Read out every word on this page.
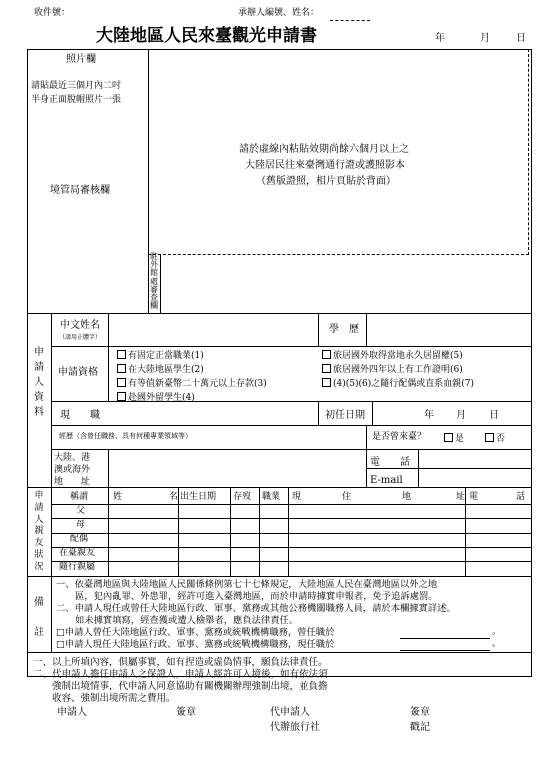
收件號：	承辦人編號、姓名：
大陸地區人民來臺觀光申請書	年	月	日
照片欄
請貼最近三個月內二吋
半身正面脫帽照片一張
境管局審核欄
請於虛線內粘貼效期尚餘六個月以上之
大陸居民往來臺灣通行證或護照影本
（舊版證照，相片頁貼於背面）
駐
外
館
處
審
查
欄
申
請
人
資
料
中文姓名
（請用正體字）
學　歷
申請資格
有固定正當職業(1)
在大陸地區學生(2)
有等值新臺幣二十萬元以上存款(3)
赴國外留學生(4)
旅居國外取得當地永久居留權(5)
旅居國外四年以上有工作證明(6)
(4)(5)(6)之隨行配偶或直系血親(7)
現　　職	初任日期	年 月 日
經歷（含曾任職務、具有何種專業領域等）	是否曾來臺？	是	否
大陸、港
澳或海外
地　　址
電　　話
E-mail
申
請
人
親
友
狀
況
稱謂	姓	名 出生日期 存歿 職業 現	住	地	址 電	話
父
母
配偶
在臺親友
隨行親屬
備
註
一、依臺灣地區與大陸地區人民關係條例第七十七條規定，大陸地區人民在臺灣地區以外之地
區，犯內亂罪、外患罪，經許可進入臺灣地區，而於申請時據實申報者，免予追訴處罰。
二、申請人現任或曾任大陸地區行政、軍事、黨務或其他公務機關職務人員，請於本欄據實詳述。
如未據實填寫，經查獲或遭人檢舉者，應負法律責任。
□申請人曾任大陸地區行政、軍事、黨務或統戰機構職務，曾任職於	。
□申請人現任大陸地區行政、軍事、黨務或統戰機構職務，現任職於	。
一、以上所填內容，俱屬事實，如有捏造或虛偽情事，願負法律責任。
二、代申請人擔任申請人之保證人，申請人經許可入境後，如有依法須
強制出境情事，代申請人同意協助有關機關辦理強制出境，並負擔
收容、強制出境所需之費用。
申請人	簽章	代申請人	簽章
代辦旅行社	戳記
